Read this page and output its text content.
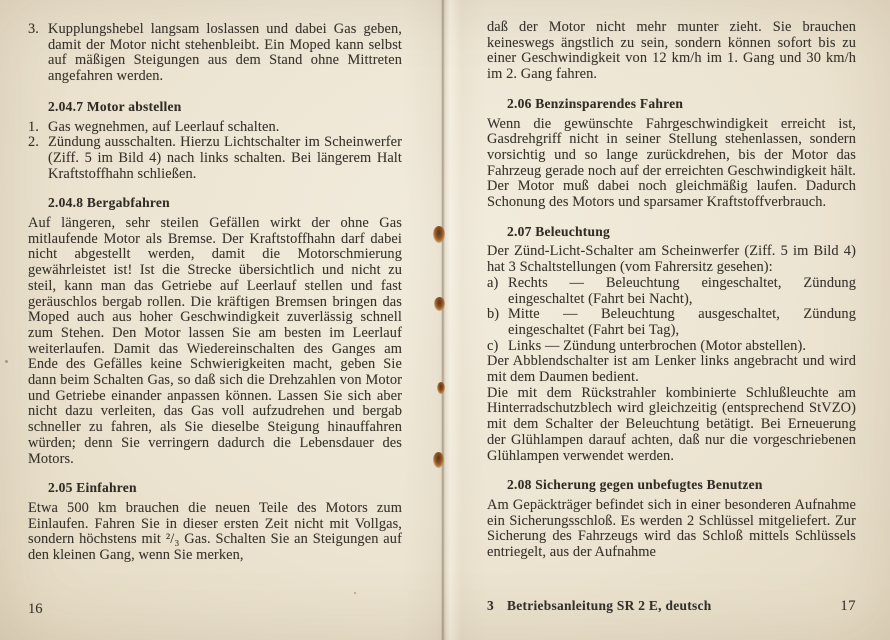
3. Kupplungshebel langsam loslassen und dabei Gas geben, damit der Motor nicht stehenbleibt. Ein Moped kann selbst auf mäßigen Steigungen aus dem Stand ohne Mittreten angefahren werden.

2.04.7 Motor abstellen
1. Gas wegnehmen, auf Leerlauf schalten.

2. Zündung ausschalten. Hierzu Lichtschalter im Scheinwerfer (Ziff. 5 im Bild 4) nach links schalten. Bei längerem Halt Kraftstoffhahn schließen.

2.04.8 Bergabfahren

Auf längeren, sehr steilen Gefällen wirkt der ohne Gas mitlaufende Motor als Bremse. Der Kraftstoffhahn darf dabei nicht abgestellt werden, damit die Motorschmierung gewährleistet ist! Ist die Strecke übersichtlich und nicht zu steil, kann man das Getriebe auf Leerlauf stellen und fast geräuschlos bergab rollen. Die kräftigen Bremsen bringen das Moped auch aus hoher Geschwindigkeit zuverlässig schnell zum Stehen. Den Motor lassen Sie am besten im Leerlauf weiterlaufen. Damit das Wiedereinschalten des Ganges am Ende des Gefälles keine Schwierigkeiten macht, geben Sie dann beim Schalten Gas, so daß sich die Drehzahlen von Motor und Getriebe einander anpassen können. Lassen Sie sich aber nicht dazu verleiten, das Gas voll aufzudrehen und bergab schneller zu fahren, als Sie dieselbe Steigung hinauffahren würden; denn Sie verringern dadurch die Lebensdauer des Motors.

2.05 Einfahren

Etwa 500 km brauchen die neuen Teile des Motors zum Einlaufen. Fahren Sie in dieser ersten Zeit nicht mit Vollgas, sondern höchstens mit ²/₃ Gas. Schalten Sie an Steigungen auf den kleinen Gang, wenn Sie merken,

16

daß der Motor nicht mehr munter zieht. Sie brauchen keineswegs ängstlich zu sein, sondern können sofort bis zu einer Geschwindigkeit von 12 km/h im 1. Gang und 30 km/h im 2. Gang fahren.

2.06 Benzinsparendes Fahren

Wenn die gewünschte Fahrgeschwindigkeit erreicht ist, Gasdrehgriff nicht in seiner Stellung stehenlassen, sondern vorsichtig und so lange zurückdrehen, bis der Motor das Fahrzeug gerade noch auf der erreichten Geschwindigkeit hält. Der Motor muß dabei noch gleichmäßig laufen. Dadurch Schonung des Motors und sparsamer Kraftstoffverbrauch.

2.07 Beleuchtung

Der Zünd-Licht-Schalter am Scheinwerfer (Ziff. 5 im Bild 4) hat 3 Schaltstellungen (vom Fahrersitz gesehen):

a) Rechts — Beleuchtung eingeschaltet, Zündung eingeschaltet (Fahrt bei Nacht),

b) Mitte — Beleuchtung ausgeschaltet, Zündung eingeschaltet (Fahrt bei Tag),

c) Links — Zündung unterbrochen (Motor abstellen).

Der Abblendschalter ist am Lenker links angebracht und wird mit dem Daumen bedient.

Die mit dem Rückstrahler kombinierte Schlußleuchte am Hinterradschutzblech wird gleichzeitig (entsprechend StVZO) mit dem Schalter der Beleuchtung betätigt. Bei Erneuerung der Glühlampen darauf achten, daß nur die vorgeschriebenen Glühlampen verwendet werden.

2.08 Sicherung gegen unbefugtes Benutzen

Am Gepäckträger befindet sich in einer besonderen Aufnahme ein Sicherungsschloß. Es werden 2 Schlüssel mitgeliefert. Zur Sicherung des Fahrzeugs wird das Schloß mittels Schlüssels entriegelt, aus der Aufnahme

3 Betriebsanleitung SR 2 E, deutsch	17
